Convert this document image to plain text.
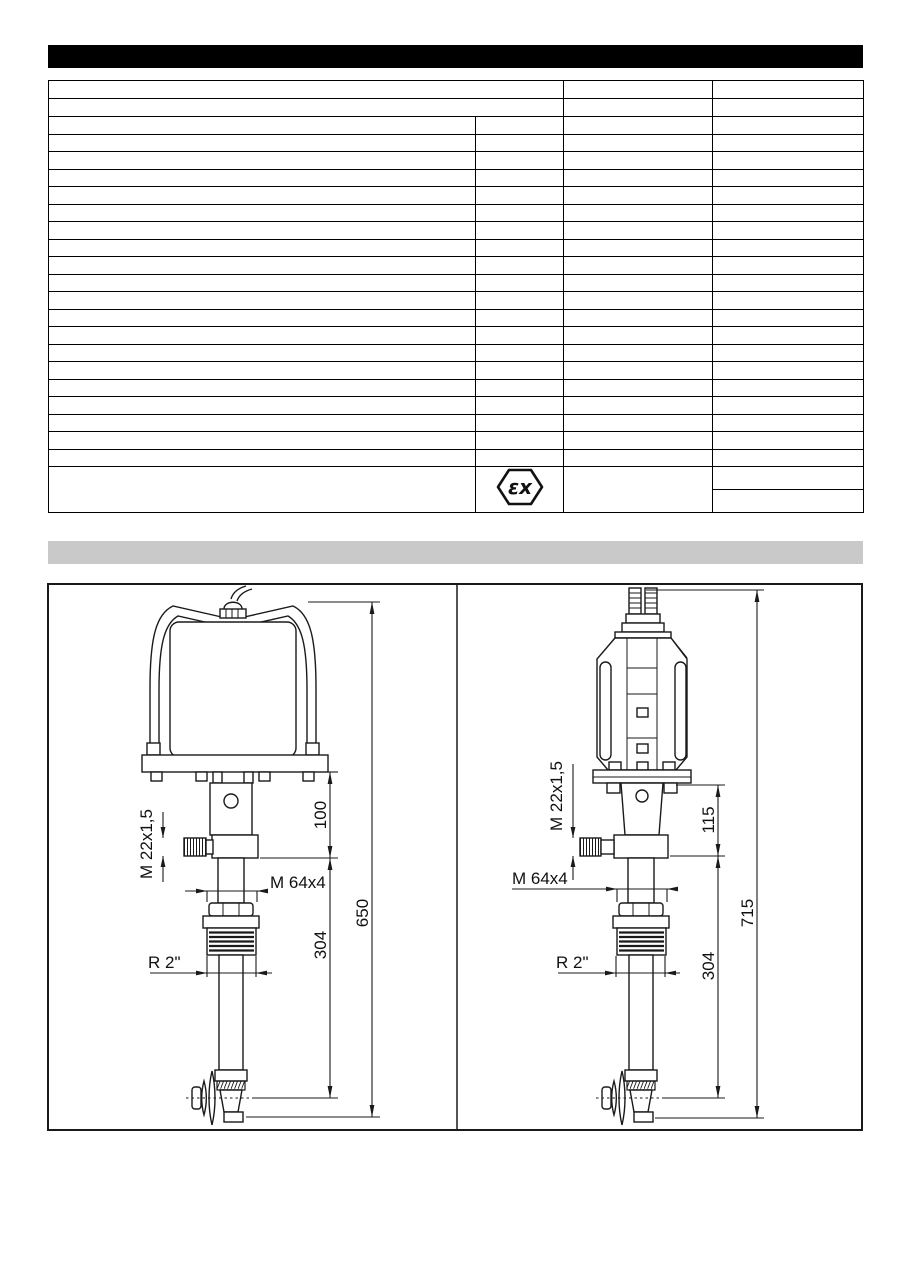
εx		

M 22x1,5
M 64x4
R 2"
100
304
650
M 22x1,5
M 64x4
R 2"
115
304
715
